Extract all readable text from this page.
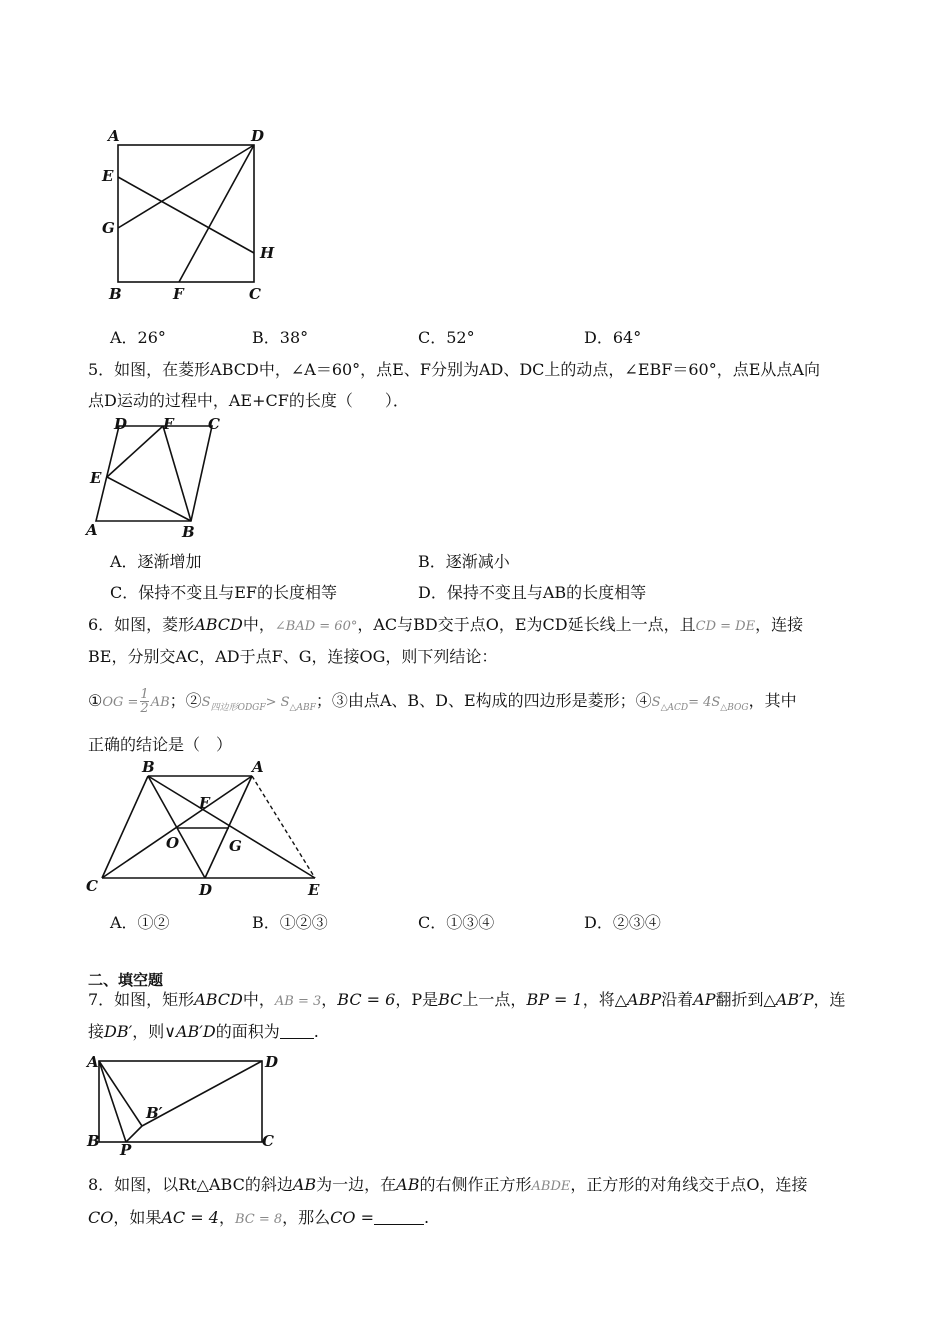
A	D
E
G
H
B	F	C
A．26°	B．38°	C．52°	D．64°
5．如图，在菱形ABCD中，∠A＝60°，点E、F分别为AD、DC上的动点，∠EBF＝60°，点E从点A向
点D运动的过程中，AE+CF的长度（　　）．
D F C
E
A	B
A．逐渐增加	B．逐渐减小
C．保持不变且与EF的长度相等	D．保持不变且与AB的长度相等
6．如图，菱形ABCD中，∠BAD = 60°，AC与BD交于点O，E为CD延长线上一点，且CD = DE，连接
BE，分别交AC，AD于点F、G，连接OG，则下列结论：
①OG = $\frac{1}{2}$ AB；$②S_{四边形ODGF}> S_{\triangle ABF}$；③由点A、B、D、E构成的四边形是菱形；$④S_{\triangle ACD}= 4S_{\triangle BOG}$，其中
正确的结论是（　）
B	A
F
O	G
C	D	E
A．①②	B．①②③	C．①③④	D．②③④
二、填空题
7．如图，矩形ABCD中，AB = 3，BC = 6，P是BC上一点，BP = 1，将△ABP沿着AP翻折到△AB′P，连
接DB′，则∨AB′D的面积为 .
A	D
B′
B P	C
8．如图，以Rt△ABC的斜边AB为一边，在AB的右侧作正方形ABDE，正方形的对角线交于点O，连接
CO，如果AC = 4，BC = 8，那么CO =	.
